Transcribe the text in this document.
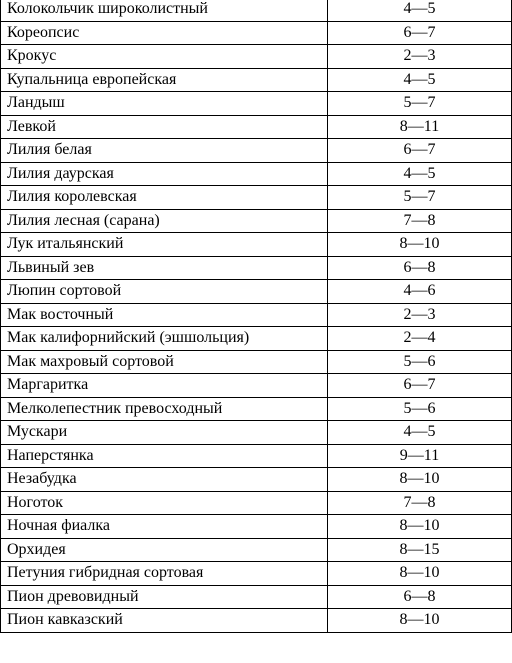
Колокольчик широколистный	4—5
Кореопсис	6—7
Крокус	2—3
Купальница европейская	4—5
Ландыш	5—7
Левкой	8—11
Лилия белая	6—7
Лилия даурская	4—5
Лилия королевская	5—7
Лилия лесная (сарана)	7—8
Лук итальянский	8—10
Львиный зев	6—8
Люпин сортовой	4—6
Мак восточный	2—3
Мак калифорнийский (эшшольция)	2—4
Мак махровый сортовой	5—6
Маргаритка	6—7
Мелколепестник превосходный	5—6
Мускари	4—5
Наперстянка	9—11
Незабудка	8—10
Ноготок	7—8
Ночная фиалка	8—10
Орхидея	8—15
Петуния гибридная сортовая	8—10
Пион древовидный	6—8
Пион кавказский	8—10
